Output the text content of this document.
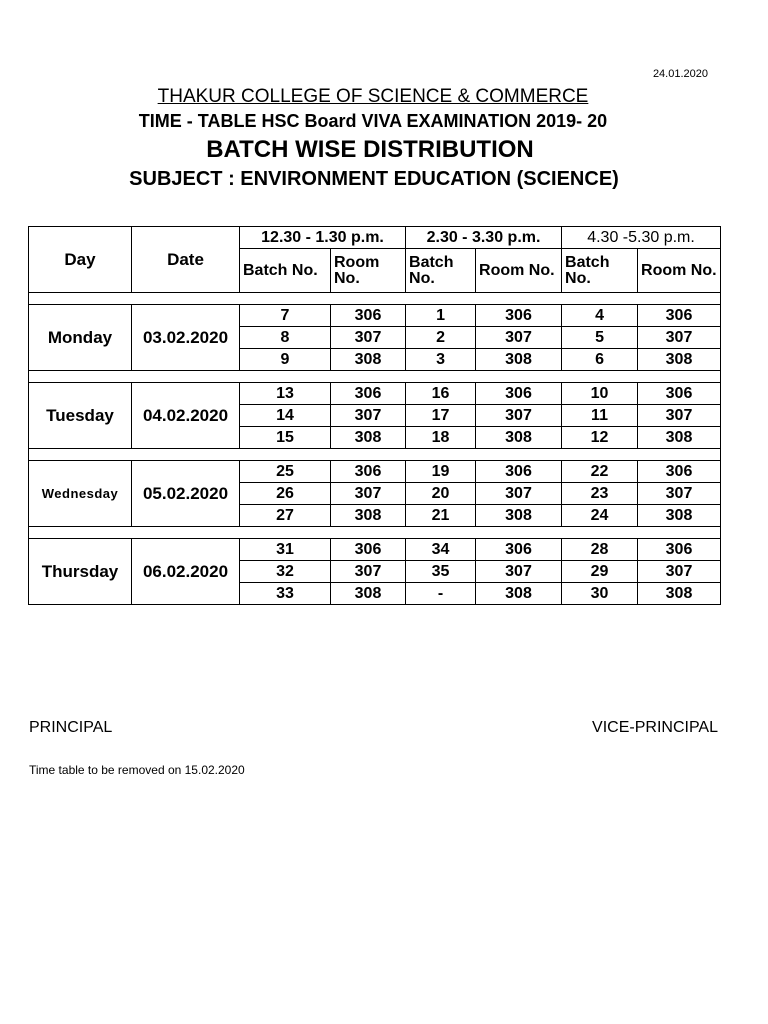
24.01.2020
THAKUR COLLEGE OF SCIENCE & COMMERCE
TIME - TABLE HSC Board VIVA EXAMINATION 2019- 20
BATCH WISE DISTRIBUTION
SUBJECT : ENVIRONMENT EDUCATION (SCIENCE)
Day	Date	12.30 - 1.30 p.m.		2.30 - 3.30 p.m.		4.30 -5.30 p.m.	
		Batch No.	Room No.	Batch No.	Room No.	Batch No.	Room No.

Monday	03.02.2020	7	306	1	306	4	306
		8	307	2	307	5	307
		9	308	3	308	6	308

Tuesday	04.02.2020	13	306	16	306	10	306
		14	307	17	307	11	307
		15	308	18	308	12	308

Wednesday	05.02.2020	25	306	19	306	22	306
		26	307	20	307	23	307
		27	308	21	308	24	308

Thursday	06.02.2020	31	306	34	306	28	306
		32	307	35	307	29	307
		33	308	-	308	30	308
PRINCIPAL	VICE-PRINCIPAL
Time table to be removed on 15.02.2020
